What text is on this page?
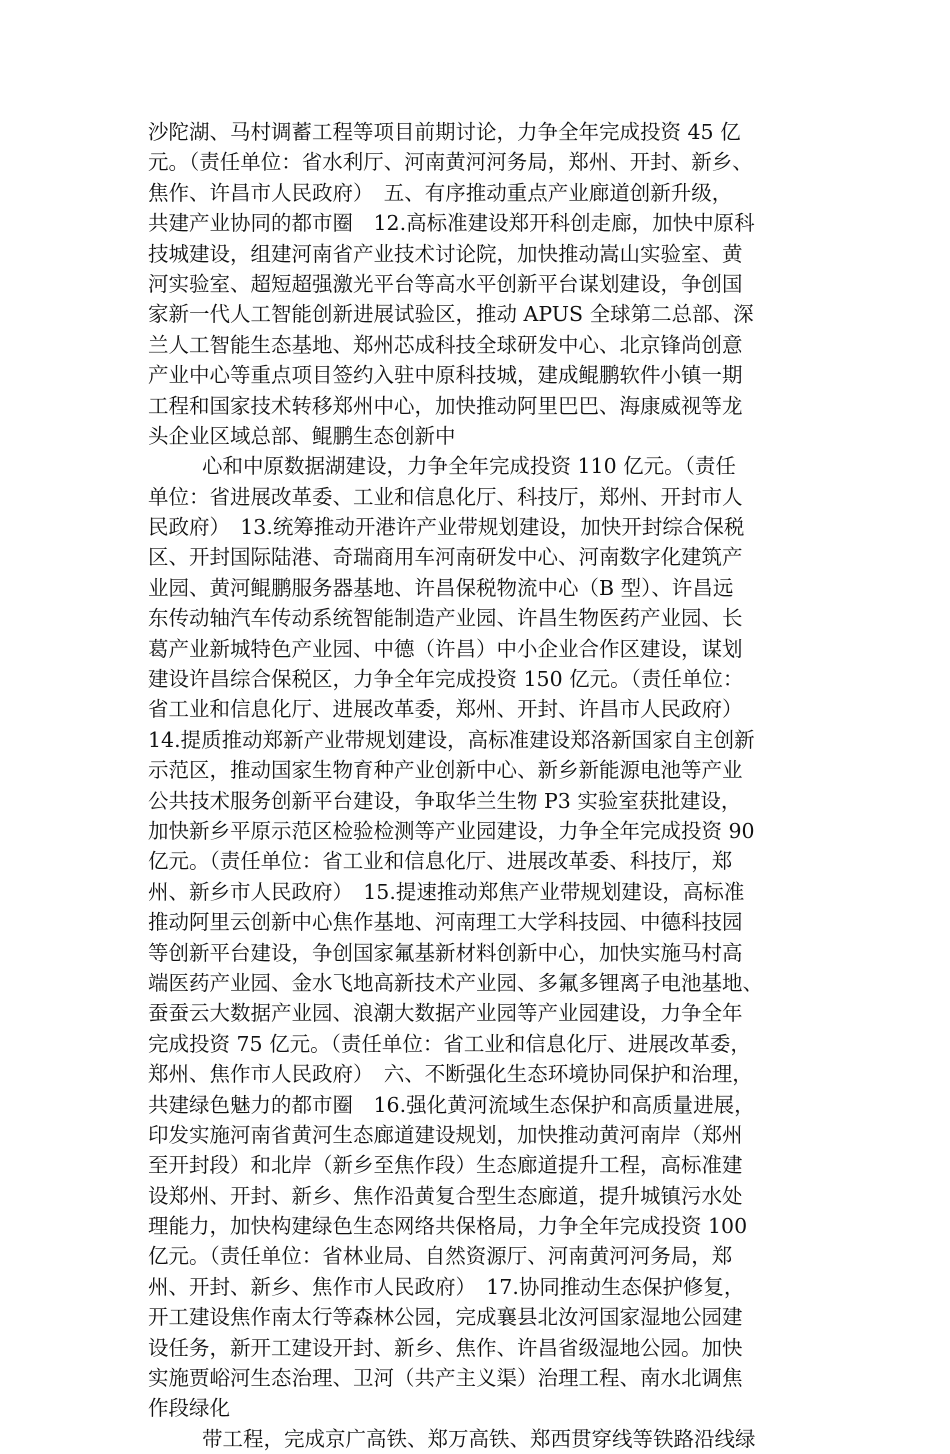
沙陀湖、马村调蓄工程等项目前期讨论，力争全年完成投资 45 亿
元。（责任单位：省水利厅、河南黄河河务局，郑州、开封、新乡、
焦作、许昌市人民政府）　五、有序推动重点产业廊道创新升级，
共建产业协同的都市圈　12.高标准建设郑开科创走廊，加快中原科
技城建设，组建河南省产业技术讨论院，加快推动嵩山实验室、黄
河实验室、超短超强激光平台等高水平创新平台谋划建设，争创国
家新一代人工智能创新进展试验区，推动 APUS 全球第二总部、深
兰人工智能生态基地、郑州芯成科技全球研发中心、北京锋尚创意
产业中心等重点项目签约入驻中原科技城，建成鲲鹏软件小镇一期
工程和国家技术转移郑州中心，加快推动阿里巴巴、海康威视等龙
头企业区域总部、鲲鹏生态创新中
心和中原数据湖建设，力争全年完成投资 110 亿元。（责任
单位：省进展改革委、工业和信息化厅、科技厅，郑州、开封市人
民政府）　13.统筹推动开港许产业带规划建设，加快开封综合保税
区、开封国际陆港、奇瑞商用车河南研发中心、河南数字化建筑产
业园、黄河鲲鹏服务器基地、许昌保税物流中心（B 型）、许昌远
东传动轴汽车传动系统智能制造产业园、许昌生物医药产业园、长
葛产业新城特色产业园、中德（许昌）中小企业合作区建设，谋划
建设许昌综合保税区，力争全年完成投资 150 亿元。（责任单位：
省工业和信息化厅、进展改革委，郑州、开封、许昌市人民政府）
14.提质推动郑新产业带规划建设，高标准建设郑洛新国家自主创新
示范区，推动国家生物育种产业创新中心、新乡新能源电池等产业
公共技术服务创新平台建设，争取华兰生物 P3 实验室获批建设，
加快新乡平原示范区检验检测等产业园建设，力争全年完成投资 90
亿元。（责任单位：省工业和信息化厅、进展改革委、科技厅，郑
州、新乡市人民政府）　15.提速推动郑焦产业带规划建设，高标准
推动阿里云创新中心焦作基地、河南理工大学科技园、中德科技园
等创新平台建设，争创国家氟基新材料创新中心，加快实施马村高
端医药产业园、金水飞地高新技术产业园、多氟多锂离子电池基地、
蚕蚕云大数据产业园、浪潮大数据产业园等产业园建设，力争全年
完成投资 75 亿元。（责任单位：省工业和信息化厅、进展改革委，
郑州、焦作市人民政府）　六、不断强化生态环境协同保护和治理，
共建绿色魅力的都市圈　16.强化黄河流域生态保护和高质量进展，
印发实施河南省黄河生态廊道建设规划，加快推动黄河南岸（郑州
至开封段）和北岸（新乡至焦作段）生态廊道提升工程，高标准建
设郑州、开封、新乡、焦作沿黄复合型生态廊道，提升城镇污水处
理能力，加快构建绿色生态网络共保格局，力争全年完成投资 100
亿元。（责任单位：省林业局、自然资源厅、河南黄河河务局，郑
州、开封、新乡、焦作市人民政府）　17.协同推动生态保护修复，
开工建设焦作南太行等森林公园，完成襄县北汝河国家湿地公园建
设任务，新开工建设开封、新乡、焦作、许昌省级湿地公园。加快
实施贾峪河生态治理、卫河（共产主义渠）治理工程、南水北调焦
作段绿化
带工程，完成京广高铁、郑万高铁、郑西贯穿线等铁路沿线绿
